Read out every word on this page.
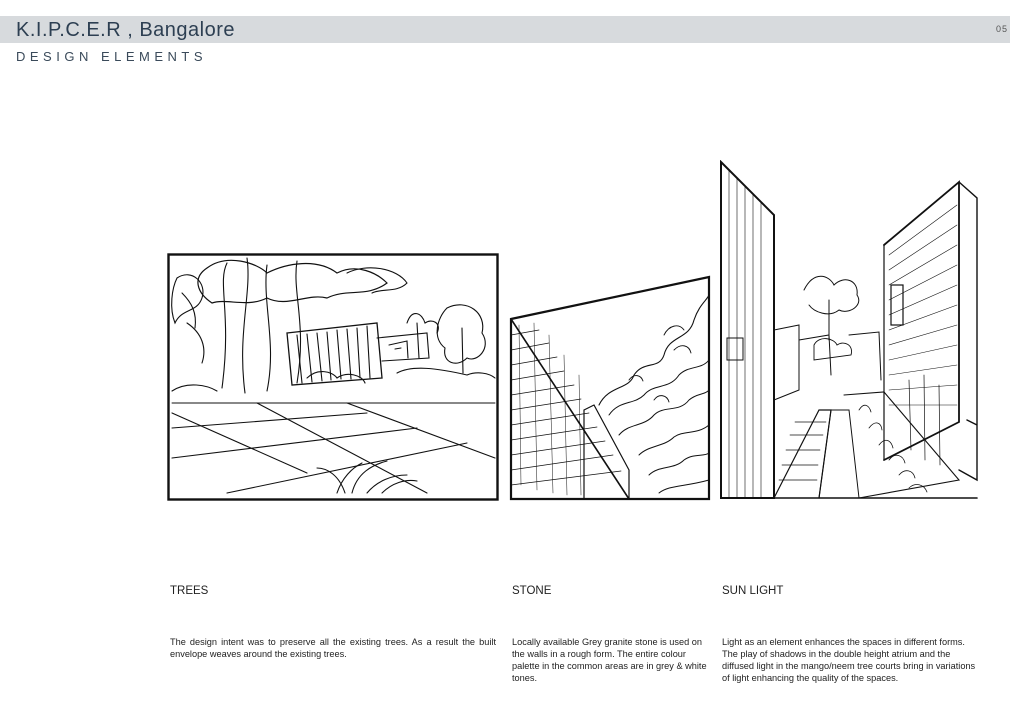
K.I.P.C.E.R , Bangalore	05
DESIGN ELEMENTS
TREES	STONE	SUN LIGHT
The design intent was to preserve all the existing trees. As a result the built envelope weaves around the existing trees.
Locally available Grey granite stone is used on the walls in a rough form. The entire colour palette in the common areas are in grey & white tones.
Light as an element enhances the spaces in different forms. The play of shadows in the double height atrium and the diffused light in the mango/neem tree courts bring in variations of light enhancing the quality of the spaces.
